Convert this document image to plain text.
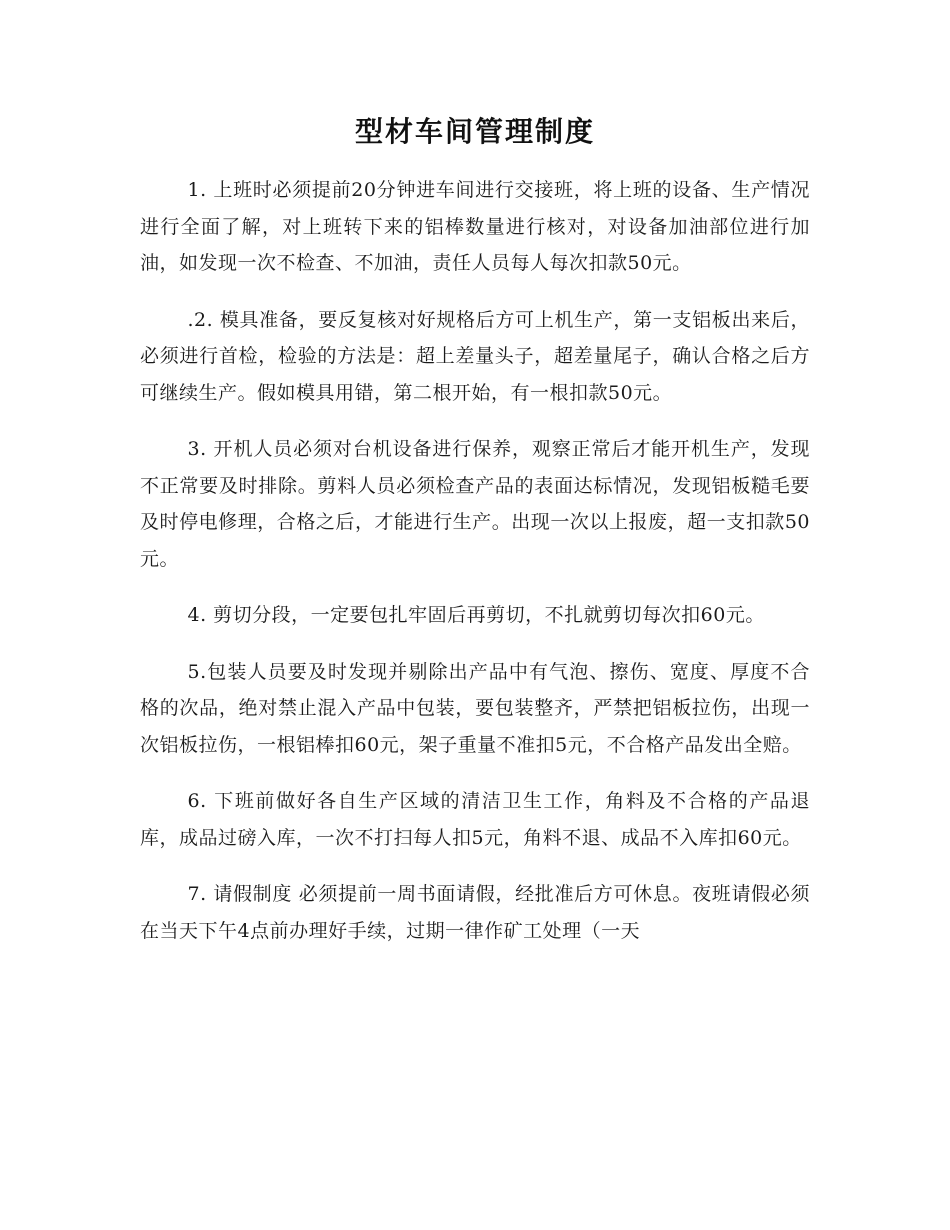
型材车间管理制度

1. 上班时必须提前20分钟进车间进行交接班，将上班的设备、生产情况进行全面了解，对上班转下来的铝棒数量进行核对，对设备加油部位进行加油，如发现一次不检查、不加油，责任人员每人每次扣款50元。

.2. 模具准备，要反复核对好规格后方可上机生产，第一支铝板出来后，必须进行首检，检验的方法是：超上差量头子，超差量尾子，确认合格之后方可继续生产。假如模具用错，第二根开始，有一根扣款50元。

3. 开机人员必须对台机设备进行保养，观察正常后才能开机生产，发现不正常要及时排除。剪料人员必须检查产品的表面达标情况，发现铝板糙毛要及时停电修理，合格之后，才能进行生产。出现一次以上报废，超一支扣款50元。

4. 剪切分段，一定要包扎牢固后再剪切，不扎就剪切每次扣60元。

5.包装人员要及时发现并剔除出产品中有气泡、擦伤、宽度、厚度不合格的次品，绝对禁止混入产品中包装，要包装整齐，严禁把铝板拉伤，出现一次铝板拉伤，一根铝棒扣60元，架子重量不准扣5元，不合格产品发出全赔。

6. 下班前做好各自生产区域的清洁卫生工作，角料及不合格的产品退库，成品过磅入库，一次不打扫每人扣5元，角料不退、成品不入库扣60元。

7. 请假制度 必须提前一周书面请假，经批准后方可休息。夜班请假必须在当天下午4点前办理好手续，过期一律作矿工处理（一天
